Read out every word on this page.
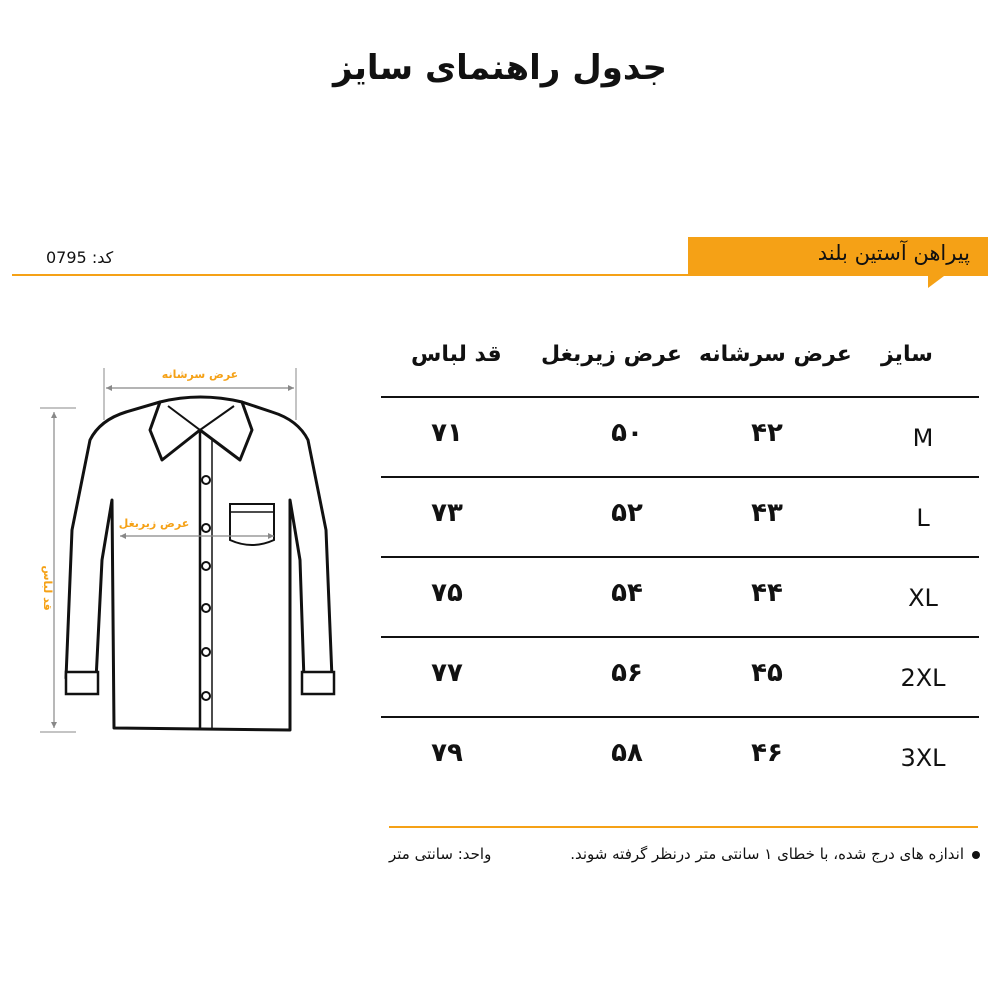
جدول راهنمای سایز
پیراهن آستین بلند
کد: 0795
عرض سرشانه
قد لباس
عرض زیربغل
سایز
عرض سرشانه
عرض زیربغل
قد لباس
M
۴۲
۵۰
۷۱
L
۴۳
۵۲
۷۳
XL
۴۴
۵۴
۷۵
2XL
۴۵
۵۶
۷۷
3XL
۴۶
۵۸
۷۹
اندازه های درج شده، با خطای ۱ سانتی متر درنظر گرفته شوند.
واحد: سانتی متر
